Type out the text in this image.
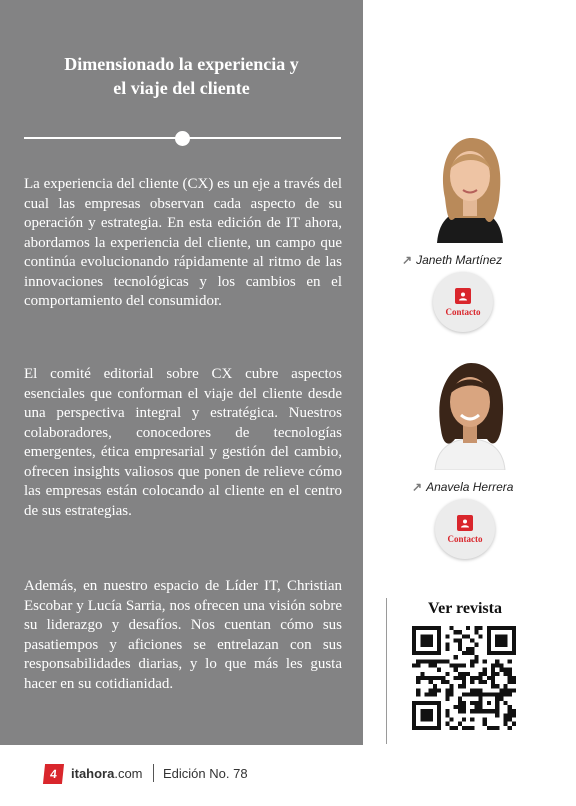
Dimensionado la experiencia y
el viaje del cliente

La experiencia del cliente (CX) es un eje a través del cual las empresas observan cada aspecto de su operación y estrategia. En esta edición de IT ahora, abordamos la experiencia del cliente, un campo que continúa evolucionando rápidamente al ritmo de las innovaciones tecnológicas y los cambios en el comportamiento del consumidor.

El comité editorial sobre CX cubre aspectos esenciales que conforman el viaje del cliente desde una perspectiva integral y estratégica. Nuestros colaboradores, conocedores de tecnologías emergentes, ética empresarial y gestión del cambio, ofrecen insights valiosos que ponen de relieve cómo las empresas están colocando al cliente en el centro de sus estrategias.

Además, en nuestro espacio de Líder IT, Christian Escobar y Lucía Sarria, nos ofrecen una visión sobre su liderazgo y desafíos. Nos cuentan cómo sus pasatiempos y aficiones se entrelazan con sus responsabilidades diarias, y lo que más les gusta hacer en su cotidianidad.

↗ Janeth Martínez
Contacto
↗ Anavela Herrera
Contacto
Ver revista
4	itahora.com Edición No. 78
